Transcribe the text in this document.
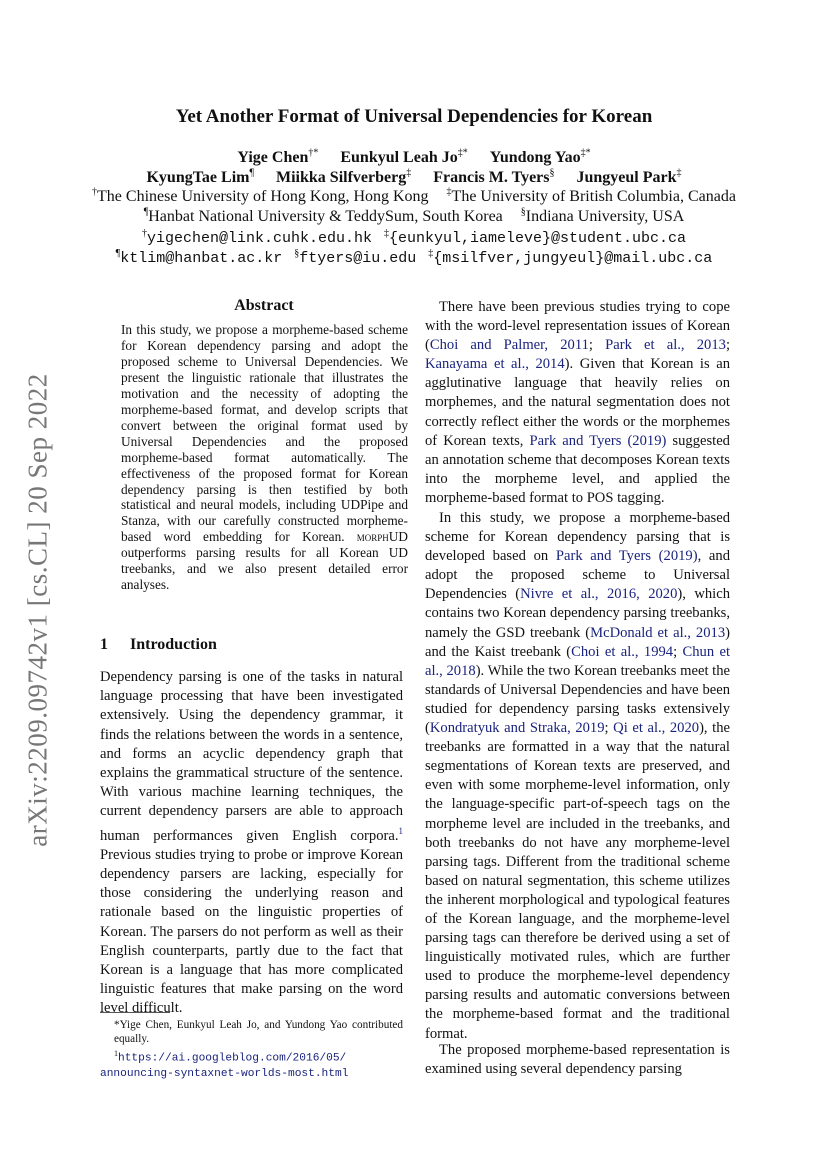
arXiv:2209.09742v1 [cs.CL] 20 Sep 2022
Yet Another Format of Universal Dependencies for Korean
Yige Chen†* Eunkyul Leah Jo‡* Yundong Yao‡*
KyungTae Lim¶ Miikka Silfverberg‡ Francis M. Tyers§ Jungyeul Park‡
†The Chinese University of Hong Kong, Hong Kong ‡The University of British Columbia, Canada
¶Hanbat National University & TeddySum, South Korea §Indiana University, USA
†yigechen@link.cuhk.edu.hk ‡{eunkyul,iameleve}@student.ubc.ca
¶ktlim@hanbat.ac.kr §ftyers@iu.edu ‡{msilfver,jungyeul}@mail.ubc.ca
Abstract
In this study, we propose a morpheme-based scheme for Korean dependency parsing and adopt the proposed scheme to Universal Dependencies. We present the linguistic rationale that illustrates the motivation and the necessity of adopting the morpheme-based format, and develop scripts that convert between the original format used by Universal Dependencies and the proposed morpheme-based format automatically. The effectiveness of the proposed format for Korean dependency parsing is then testified by both statistical and neural models, including UDPipe and Stanza, with our carefully constructed morpheme-based word embedding for Korean. morphUD outperforms parsing results for all Korean UD treebanks, and we also present detailed error analyses.
1 Introduction
Dependency parsing is one of the tasks in natural language processing that have been investigated extensively. Using the dependency grammar, it finds the relations between the words in a sentence, and forms an acyclic dependency graph that explains the grammatical structure of the sentence. With various machine learning techniques, the current dependency parsers are able to approach human performances given English corpora.$^1$ Previous studies trying to probe or improve Korean dependency parsers are lacking, especially for those considering the underlying reason and rationale based on the linguistic properties of Korean. The parsers do not perform as well as their English counterparts, partly due to the fact that Korean is a language that has more complicated linguistic features that make parsing on the word level difficult.
*Yige Chen, Eunkyul Leah Jo, and Yundong Yao contributed equally.
$^1$https://ai.googleblog.com/2016/05/
announcing-syntaxnet-worlds-most.html

There have been previous studies trying to cope with the word-level representation issues of Korean (Choi and Palmer, 2011; Park et al., 2013; Kanayama et al., 2014). Given that Korean is an agglutinative language that heavily relies on morphemes, and the natural segmentation does not correctly reflect either the words or the morphemes of Korean texts, Park and Tyers (2019) suggested an annotation scheme that decomposes Korean texts into the morpheme level, and applied the morpheme-based format to POS tagging.

In this study, we propose a morpheme-based scheme for Korean dependency parsing that is developed based on Park and Tyers (2019), and adopt the proposed scheme to Universal Dependencies (Nivre et al., 2016, 2020), which contains two Korean dependency parsing treebanks, namely the GSD treebank (McDonald et al., 2013) and the Kaist treebank (Choi et al., 1994; Chun et al., 2018). While the two Korean treebanks meet the standards of Universal Dependencies and have been studied for dependency parsing tasks extensively (Kondratyuk and Straka, 2019; Qi et al., 2020), the treebanks are formatted in a way that the natural segmentations of Korean texts are preserved, and even with some morpheme-level information, only the language-specific part-of-speech tags on the morpheme level are included in the treebanks, and both treebanks do not have any morpheme-level parsing tags. Different from the traditional scheme based on natural segmentation, this scheme utilizes the inherent morphological and typological features of the Korean language, and the morpheme-level parsing tags can therefore be derived using a set of linguistically motivated rules, which are further used to produce the morpheme-level dependency parsing results and automatic conversions between the morpheme-based format and the traditional format.

The proposed morpheme-based representation is examined using several dependency parsing
